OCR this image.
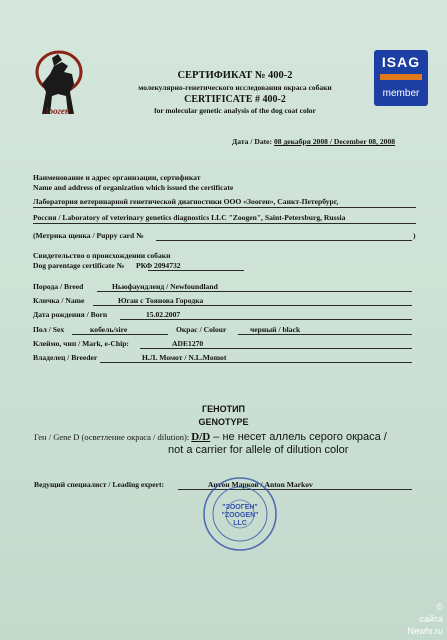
Зооген
ISAG
member
СЕРТИФИКАТ № 400-2
молекулярно-генетического исследования окраса собаки
CERTIFICATE # 400-2
for molecular genetic analysis of the dog coat color
Дата / Date: 08 декабря 2008 / December 08, 2008
Наименование и адрес организации, сертификат
Name and address of organization which issued the certificate
Лаборатория ветеринарной генетической диагностики ООО «Зооген», Санкт-Петербург,
Россия / Laboratory of veterinary genetics diagnostics LLC "Zoogen", Saint-Petersburg, Russia
(Метрика щенка / Puppy card №	)
Свидетельство о происхождении собаки
Dog parentage certificate № РКФ 2094732
Порода / Breed	Ньюфаундленд / Newfoundland
Кличка / Name	Юган с Тоянова Городка
Дата рождения / Born	15.02.2007
Пол / Sex	кобель/sire	Окрас / Colour	черный / black
Клеймо, чип / Mark, e-Chip:	ADE1270
Владелец / Breeder	Н.Л. Момот / N.L.Momot
ГЕНОТИП
GENOTYPE
Ген / Gene D (осветление окраса / dilution): D/D – не несет аллель серого окраса /
not a carrier for allele of dilution color
Ведущий специалист / Leading expert:	Антон Марков / Anton Markov
"ЗООГЕН"
"ZOOGEN"
LLC
©
сайта
Newfs.ru
